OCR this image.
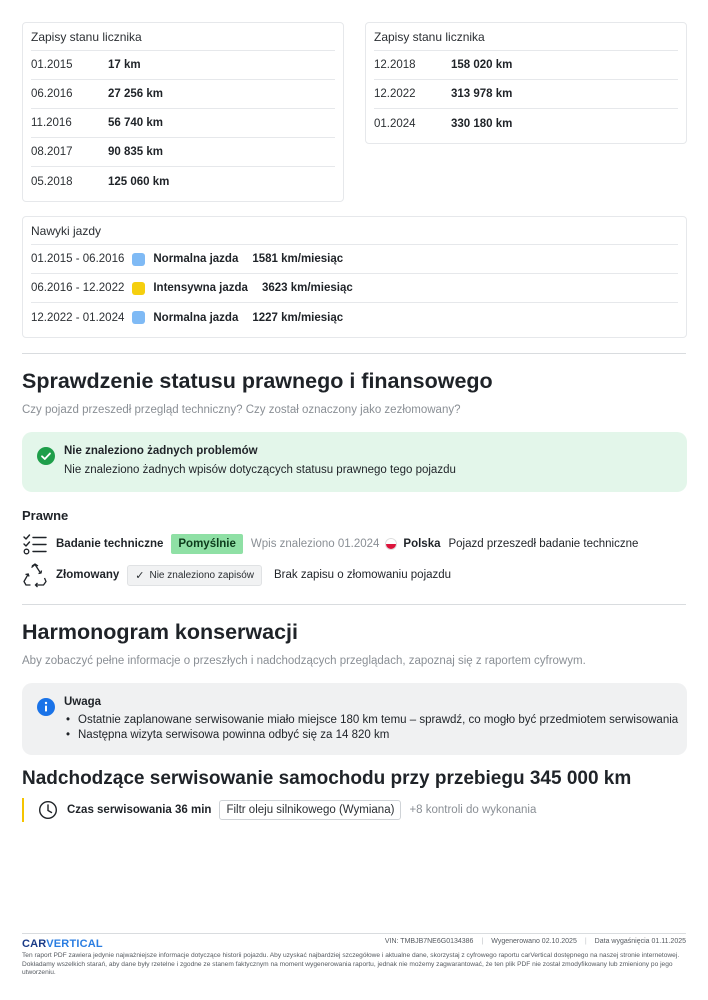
Zapisy stanu licznika
01.2015	17 km
06.2016	27 256 km
11.2016	56 740 km
08.2017	90 835 km
05.2018	125 060 km
Zapisy stanu licznika
12.2018	158 020 km
12.2022	313 978 km
01.2024	330 180 km
Nawyki jazdy
01.2015 - 06.2016	Normalna jazda 1581 km/miesiąc
06.2016 - 12.2022	Intensywna jazda 3623 km/miesiąc
12.2022 - 01.2024	Normalna jazda 1227 km/miesiąc
Sprawdzenie statusu prawnego i finansowego
Czy pojazd przeszedł przegląd techniczny? Czy został oznaczony jako zezłomowany?
Nie znaleziono żadnych problemów
Nie znaleziono żadnych wpisów dotyczących statusu prawnego tego pojazdu
Prawne
Badanie techniczne	Pomyślnie	Wpis znaleziono 01.2024 Polska Pojazd przeszedł badanie techniczne
Złomowany ✓ Nie znaleziono zapisów Brak zapisu o złomowaniu pojazdu
Harmonogram konserwacji
Aby zobaczyć pełne informacje o przeszłych i nadchodzących przeglądach, zapoznaj się z raportem cyfrowym.
Uwaga
• Ostatnie zaplanowane serwisowanie miało miejsce 180 km temu – sprawdź, co mogło być przedmiotem serwisowania
• Następna wizyta serwisowa powinna odbyć się za 14 820 km
Nadchodzące serwisowanie samochodu przy przebiegu 345 000 km
Czas serwisowania 36 min	Filtr oleju silnikowego (Wymiana)	+8 kontroli do wykonania
CARVERTICAL	VIN: TMBJB7NE6G0134386 | Wygenerowano 02.10.2025 | Data wygaśnięcia 01.11.2025
Ten raport PDF zawiera jedynie najważniejsze informacje dotyczące historii pojazdu. Aby uzyskać najbardziej szczegółowe i aktualne dane, skorzystaj z cyfrowego raportu carVertical dostępnego na naszej stronie internetowej. Dokładamy wszelkich starań, aby dane były rzetelne i zgodne ze stanem faktycznym na moment wygenerowania raportu, jednak nie możemy zagwarantować, że ten plik PDF nie został zmodyfikowany lub zmieniony po jego utworzeniu.
